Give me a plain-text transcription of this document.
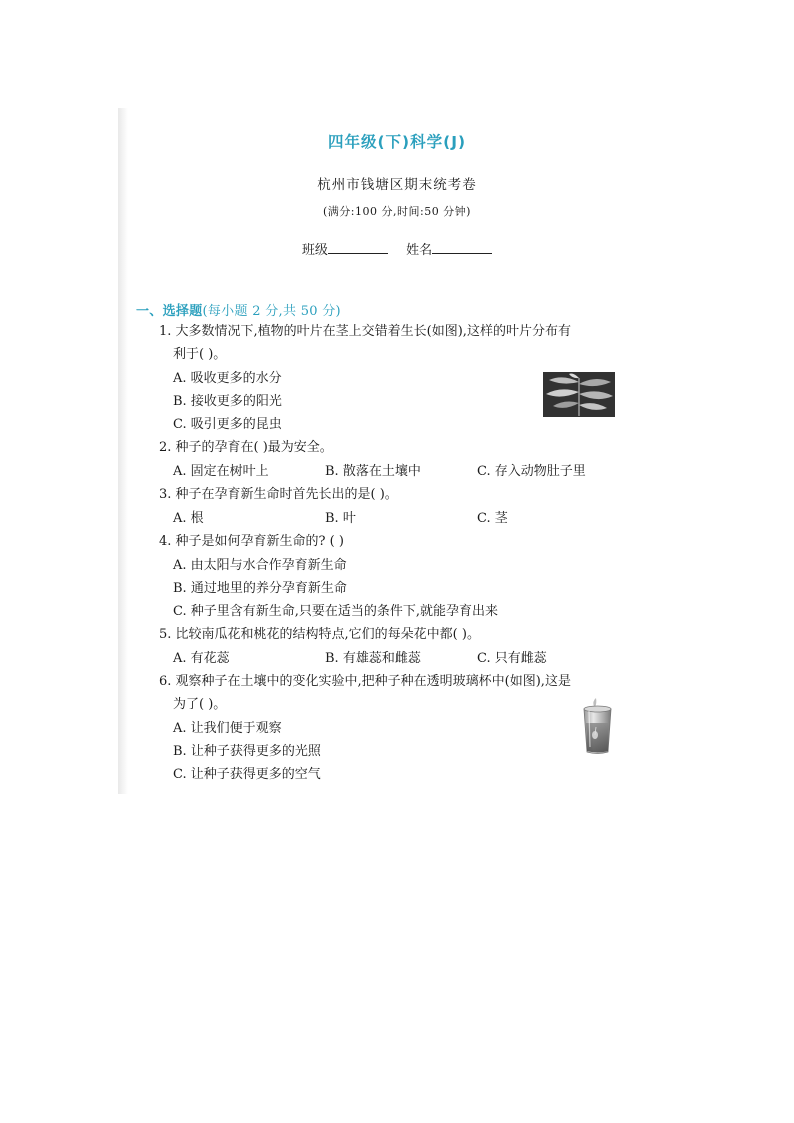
四年级(下)科学(J)
杭州市钱塘区期末统考卷
(满分:100 分,时间:50 分钟)
班级	姓名
一、选择题(每小题 2 分,共 50 分)
1. 大多数情况下,植物的叶片在茎上交错着生长(如图),这样的叶片分布有
利于( )。
A. 吸收更多的水分
B. 接收更多的阳光
C. 吸引更多的昆虫
2. 种子的孕育在( )最为安全。
A. 固定在树叶上	B. 散落在土壤中	C. 存入动物肚子里
3. 种子在孕育新生命时首先长出的是( )。
A. 根	B. 叶	C. 茎
4. 种子是如何孕育新生命的? ( )
A. 由太阳与水合作孕育新生命
B. 通过地里的养分孕育新生命
C. 种子里含有新生命,只要在适当的条件下,就能孕育出来
5. 比较南瓜花和桃花的结构特点,它们的每朵花中都( )。
A. 有花蕊	B. 有雄蕊和雌蕊	C. 只有雌蕊
6. 观察种子在土壤中的变化实验中,把种子种在透明玻璃杯中(如图),这是
为了( )。
A. 让我们便于观察
B. 让种子获得更多的光照
C. 让种子获得更多的空气
